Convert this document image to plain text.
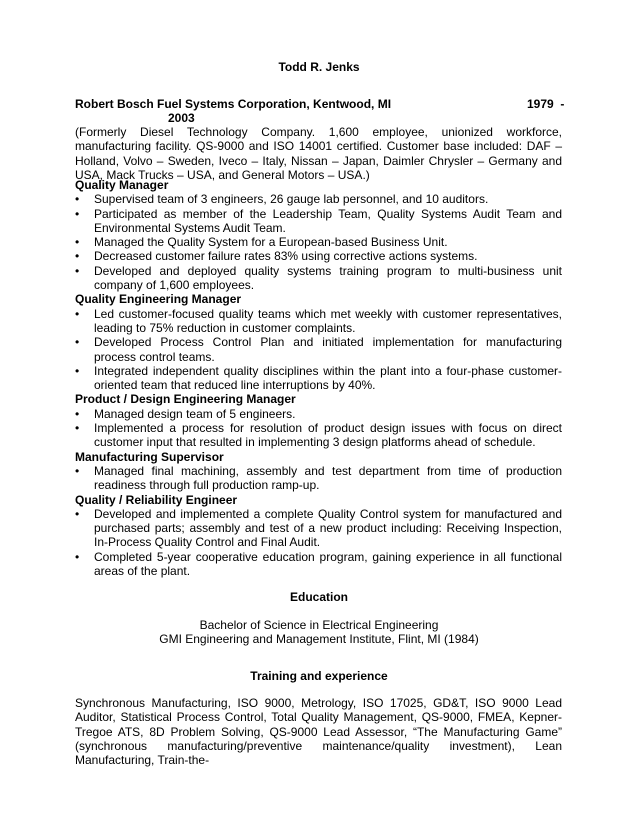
Todd R. Jenks
Robert Bosch Fuel Systems Corporation, Kentwood, MI	1979  -
2003
(Formerly Diesel Technology Company. 1,600 employee, unionized workforce, manufacturing facility. QS-9000 and ISO 14001 certified. Customer base included: DAF – Holland, Volvo – Sweden, Iveco – Italy, Nissan – Japan, Daimler Chrysler – Germany and USA, Mack Trucks – USA, and General Motors – USA.)
Quality Manager
• Supervised team of 3 engineers, 26 gauge lab personnel, and 10 auditors.
• Participated as member of the Leadership Team, Quality Systems Audit Team and Environmental Systems Audit Team.
• Managed the Quality System for a European-based Business Unit.
• Decreased customer failure rates 83% using corrective actions systems.
• Developed and deployed quality systems training program to multi-business unit company of 1,600 employees.
Quality Engineering Manager
• Led customer-focused quality teams which met weekly with customer representatives, leading to 75% reduction in customer complaints.
• Developed Process Control Plan and initiated implementation for manufacturing process control teams.
• Integrated independent quality disciplines within the plant into a four-phase customer-oriented team that reduced line interruptions by 40%.
Product / Design Engineering Manager
• Managed design team of 5 engineers.
• Implemented a process for resolution of product design issues with focus on direct customer input that resulted in implementing 3 design platforms ahead of schedule.
Manufacturing Supervisor
• Managed final machining, assembly and test department from time of production readiness through full production ramp-up.
Quality / Reliability Engineer
• Developed and implemented a complete Quality Control system for manufactured and purchased parts; assembly and test of a new product including: Receiving Inspection, In-Process Quality Control and Final Audit.
• Completed 5-year cooperative education program, gaining experience in all functional areas of the plant.
Education
Bachelor of Science in Electrical Engineering
GMI Engineering and Management Institute, Flint, MI (1984)
Training and experience
Synchronous Manufacturing, ISO 9000, Metrology, ISO 17025, GD&T, ISO 9000 Lead Auditor, Statistical Process Control, Total Quality Management, QS-9000, FMEA, Kepner-Tregoe ATS, 8D Problem Solving, QS-9000 Lead Assessor, “The Manufacturing Game” (synchronous manufacturing/preventive maintenance/quality investment), Lean Manufacturing, Train-the-
